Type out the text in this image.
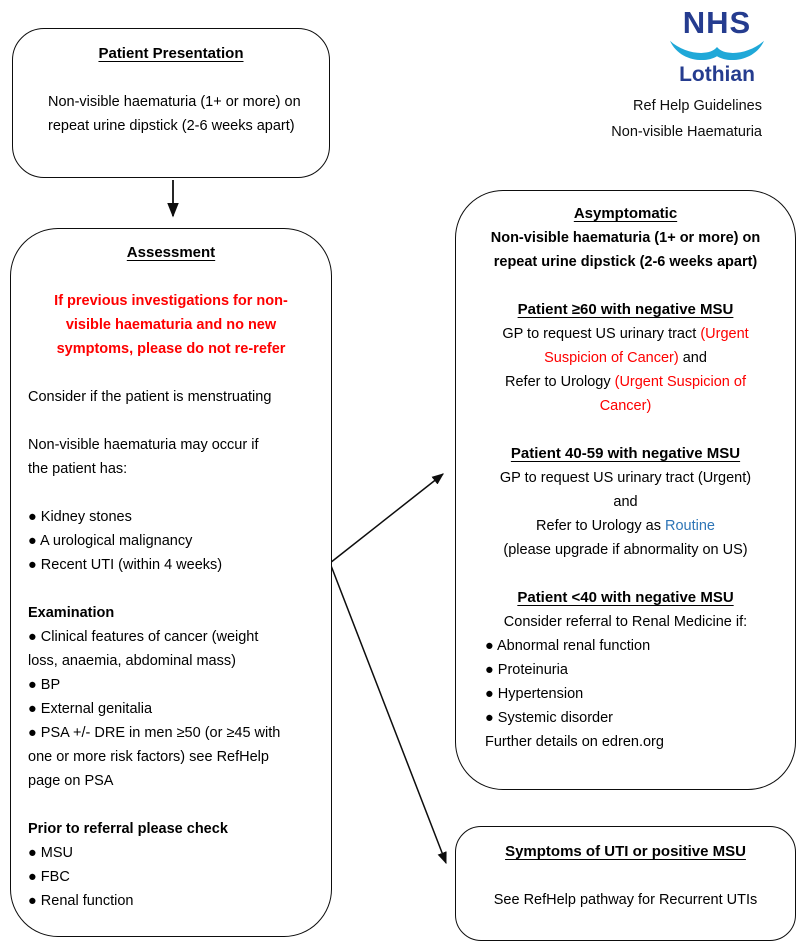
NHS
Lothian
Ref Help Guidelines
Non-visible Haematuria
Patient Presentation
Non-visible haematuria (1+ or more) on
repeat urine dipstick (2-6 weeks apart)
Assessment
If previous investigations for non-
visible haematuria and no new
symptoms, please do not re-refer
Consider if the patient is menstruating
Non-visible haematuria may occur if
the patient has:
● Kidney stones
● A urological malignancy
● Recent UTI (within 4 weeks)
Examination
● Clinical features of cancer (weight
loss, anaemia, abdominal mass)
● BP
● External genitalia
● PSA +/- DRE in men ≥50 (or ≥45 with
one or more risk factors) see RefHelp
page on PSA
Prior to referral please check
● MSU
● FBC
● Renal function
Asymptomatic
Non-visible haematuria (1+ or more) on
repeat urine dipstick (2-6 weeks apart)
Patient ≥60 with negative MSU
GP to request US urinary tract (Urgent
Suspicion of Cancer) and
Refer to Urology (Urgent Suspicion of
Cancer)
Patient 40-59 with negative MSU
GP to request US urinary tract (Urgent)
and
Refer to Urology as Routine
(please upgrade if abnormality on US)
Patient <40 with negative MSU
Consider referral to Renal Medicine if:
● Abnormal renal function
● Proteinuria
● Hypertension
● Systemic disorder
Further details on edren.org
Symptoms of UTI or positive MSU
See RefHelp pathway for Recurrent UTIs
